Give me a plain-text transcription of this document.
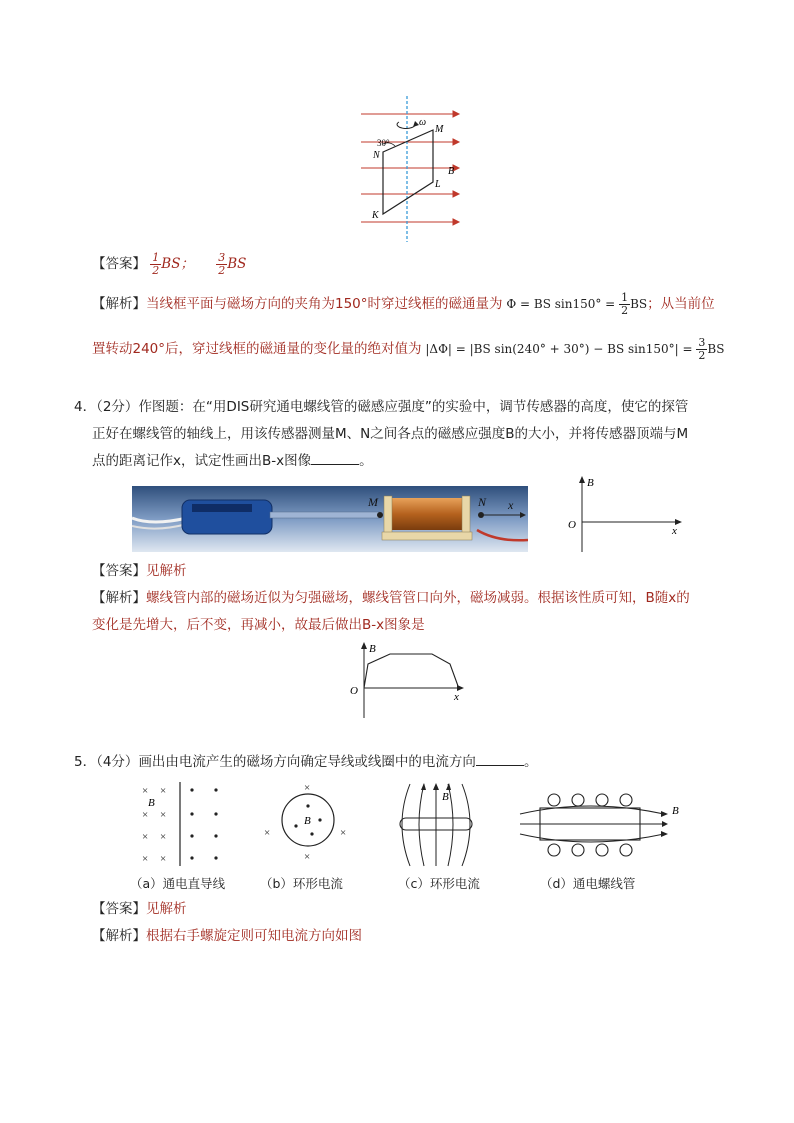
ω
M
30°
N
B
L
K
【答案】 $\frac{1}{2}$ BS； $\frac{3}{2}$ BS
【解析】当线框平面与磁场方向的夹角为150°时穿过线框的磁通量为 Φ = BS $\sin 150^\circ = \frac{1}{2}$ BS；从当前位
置转动240°后，穿过线框的磁通量的变化量的绝对值为 |ΔΦ| = |BS sin(240° + 30°) − BS $\sin 150^\circ| = \frac{3}{2}$ BS
4．（2分）作图题：在“用DIS研究通电螺线管的磁感应强度”的实验中，调节传感器的高度，使它的探管
正好在螺线管的轴线上，用该传感器测量M、N之间各点的磁感应强度B的大小，并将传感器顶端与M
点的距离记作x，试定性画出B-x图像	。
M	N x
B
O	x
【答案】见解析
【解析】螺线管内部的磁场近似为匀强磁场，螺线管管口向外，磁场减弱。根据该性质可知，B随x的
变化是先增大，后不变，再减小，故最后做出B-x图象是
B
O	x
5．（4分）画出由电流产生的磁场方向确定导线或线圈中的电流方向	。
× ×
× ×
× ×
× ×
B
×
×	×
×
B
B
B
（a）通电直导线	（b）环形电流	（c）环形电流	（d）通电螺线管
【答案】见解析
【解析】根据右手螺旋定则可知电流方向如图
